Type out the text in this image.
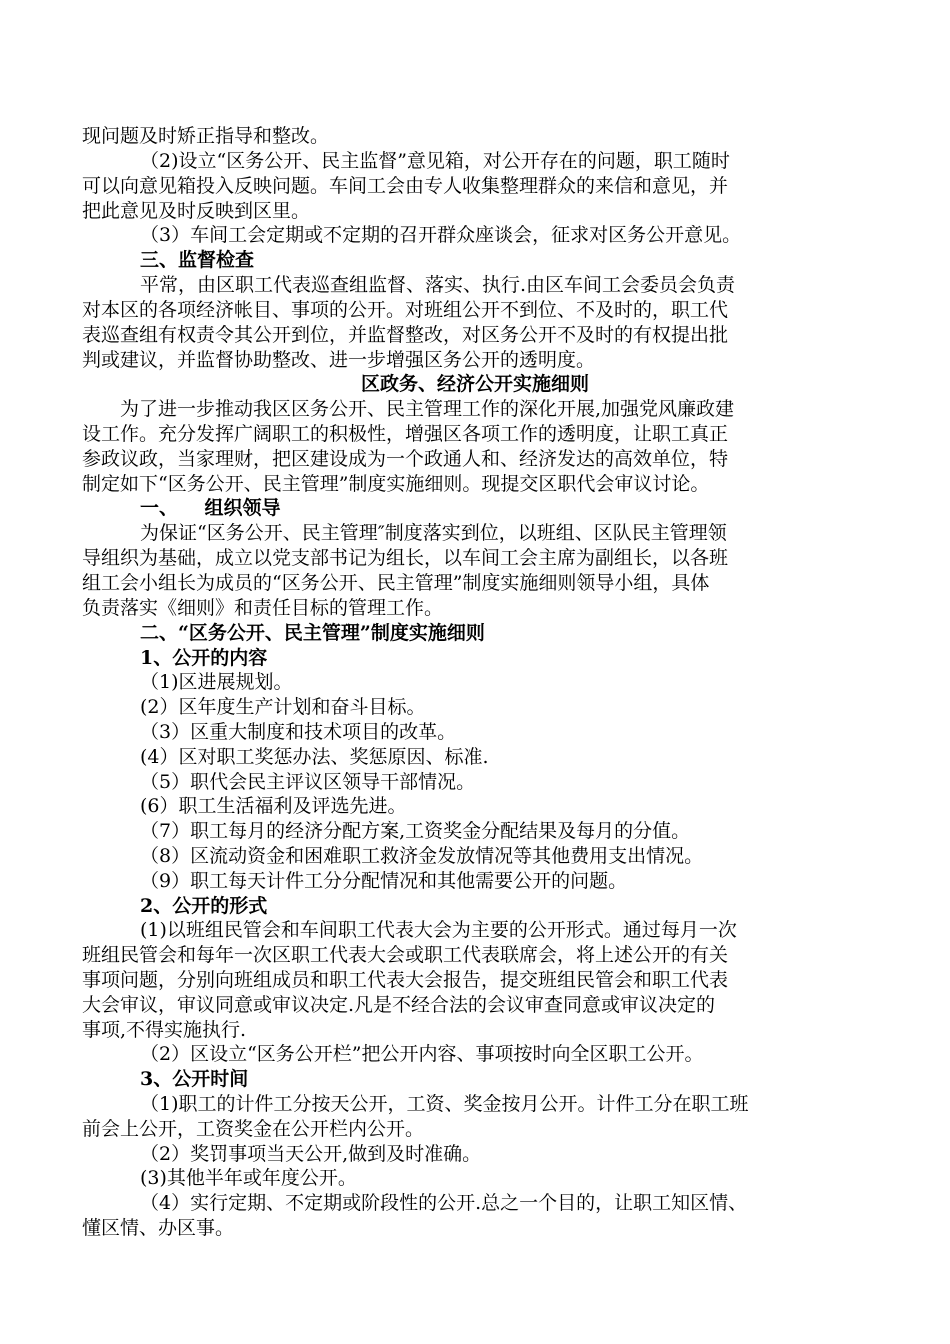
现问题及时矫正指导和整改。
（2)设立“区务公开、民主监督”意见箱，对公开存在的问题，职工随时
可以向意见箱投入反映问题。车间工会由专人收集整理群众的来信和意见，并
把此意见及时反映到区里。
（3）车间工会定期或不定期的召开群众座谈会，征求对区务公开意见。
三、监督检查
平常，由区职工代表巡查组监督、落实、执行.由区车间工会委员会负责
对本区的各项经济帐目、事项的公开。对班组公开不到位、不及时的，职工代
表巡查组有权责令其公开到位，并监督整改，对区务公开不及时的有权提出批
判或建议，并监督协助整改、进一步增强区务公开的透明度。
区政务、经济公开实施细则
为了进一步推动我区区务公开、民主管理工作的深化开展,加强党风廉政建
设工作。充分发挥广阔职工的积极性，增强区各项工作的透明度，让职工真正
参政议政，当家理财，把区建设成为一个政通人和、经济发达的高效单位，特
制定如下“区务公开、民主管理”制度实施细则。现提交区职代会审议讨论。
一、    组织领导
为保证“区务公开、民主管理″制度落实到位，以班组、区队民主管理领
导组织为基础，成立以党支部书记为组长，以车间工会主席为副组长，以各班
组工会小组长为成员的“区务公开、民主管理”制度实施细则领导小组，具体
负责落实《细则》和责任目标的管理工作。
二、“区务公开、民主管理”制度实施细则
1、公开的内容
（1)区进展规划。
(2）区年度生产计划和奋斗目标。
（3）区重大制度和技术项目的改革。
(4）区对职工奖惩办法、奖惩原因、标准.
（5）职代会民主评议区领导干部情况。
(6）职工生活福利及评选先进。
（7）职工每月的经济分配方案,工资奖金分配结果及每月的分值。
（8）区流动资金和困难职工救济金发放情况等其他费用支出情况。
（9）职工每天计件工分分配情况和其他需要公开的问题。
2、公开的形式
(1)以班组民管会和车间职工代表大会为主要的公开形式。通过每月一次
班组民管会和每年一次区职工代表大会或职工代表联席会，将上述公开的有关
事项问题，分别向班组成员和职工代表大会报告，提交班组民管会和职工代表
大会审议，审议同意或审议决定.凡是不经合法的会议审查同意或审议决定的
事项,不得实施执行.
（2）区设立“区务公开栏”把公开内容、事项按时向全区职工公开。
3、公开时间
（1)职工的计件工分按天公开，工资、奖金按月公开。计件工分在职工班
前会上公开，工资奖金在公开栏内公开。
（2）奖罚事项当天公开,做到及时准确。
(3)其他半年或年度公开。
（4）实行定期、不定期或阶段性的公开.总之一个目的，让职工知区情、
懂区情、办区事。
